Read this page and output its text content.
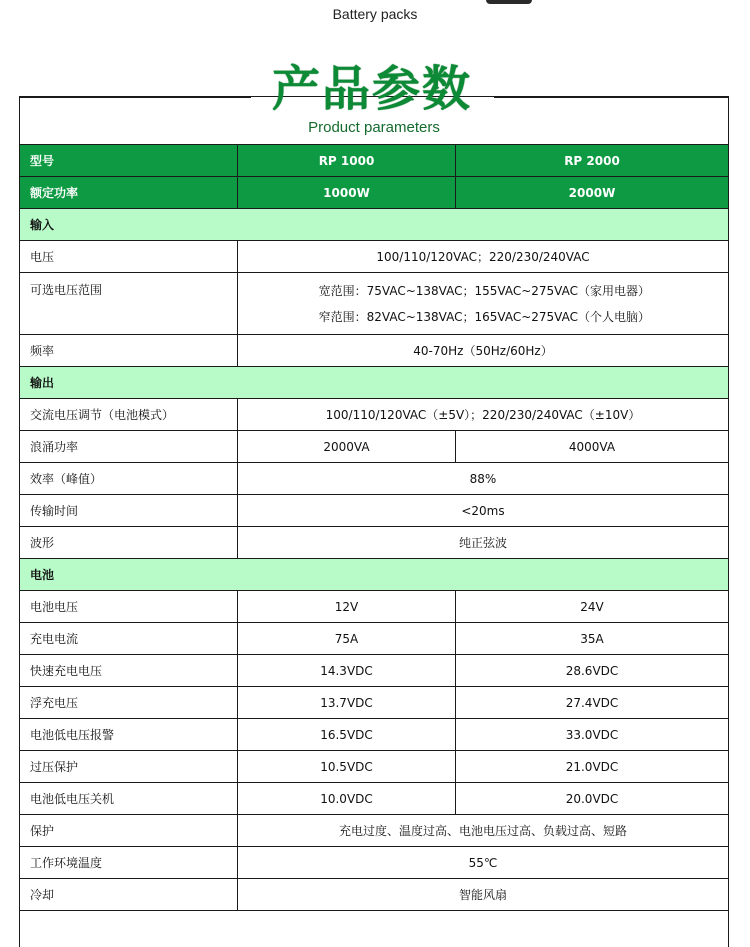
Battery packs
产品参数
Product parameters
型号	RP 1000	RP 2000
额定功率	1000W	2000W
输入		
电压	100/110/120VAC；220/230/240VAC	
可选电压范围	宽范围：75VAC~138VAC；155VAC~275VAC（家用电器）
窄范围：82VAC~138VAC；165VAC~275VAC（个人电脑）	

频率	40-70Hz（50Hz/60Hz）	
输出		
交流电压调节（电池模式）	100/110/120VAC（±5V）；220/230/240VAC（±10V）	
浪涌功率	2000VA	4000VA
效率（峰值）	88%	
传输时间	<20ms	
波形	纯正弦波	
电池		
电池电压	12V	24V
充电电流	75A	35A
快速充电电压	14.3VDC	28.6VDC
浮充电压	13.7VDC	27.4VDC
电池低电压报警	16.5VDC	33.0VDC
过压保护	10.5VDC	21.0VDC
电池低电压关机	10.0VDC	20.0VDC
保护	充电过度、温度过高、电池电压过高、负载过高、短路	
工作环境温度	55℃	
冷却	智能风扇	
